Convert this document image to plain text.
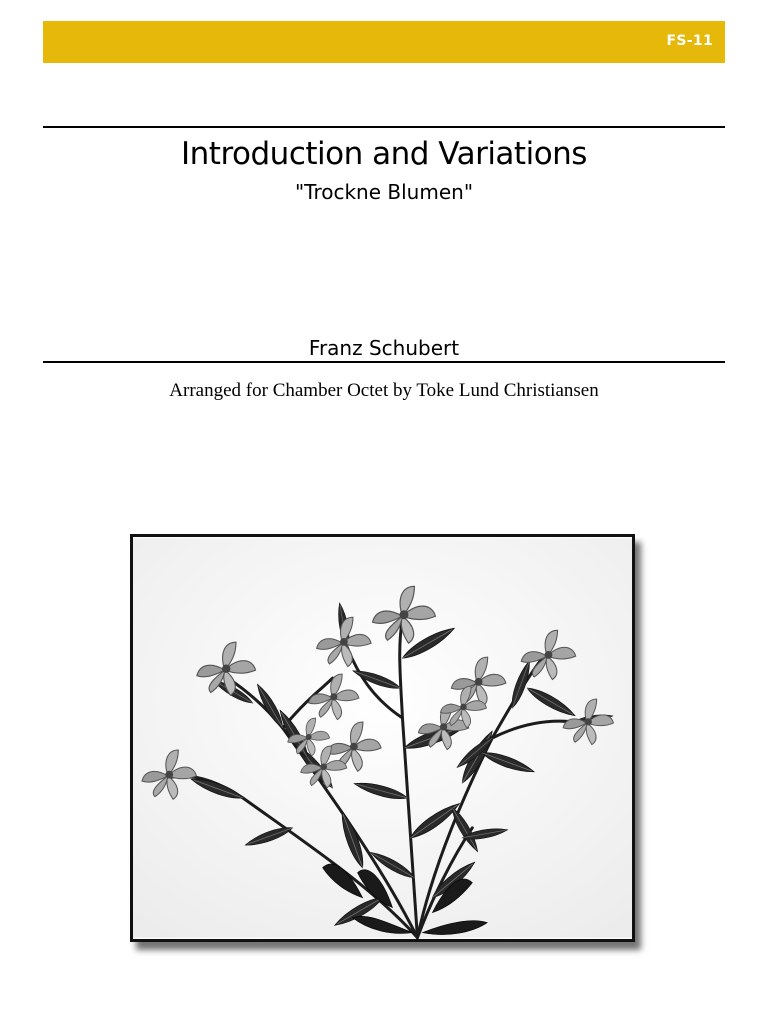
FS-11
Introduction and Variations
"Trockne Blumen"
Franz Schubert
Arranged for Chamber Octet by Toke Lund Christiansen
